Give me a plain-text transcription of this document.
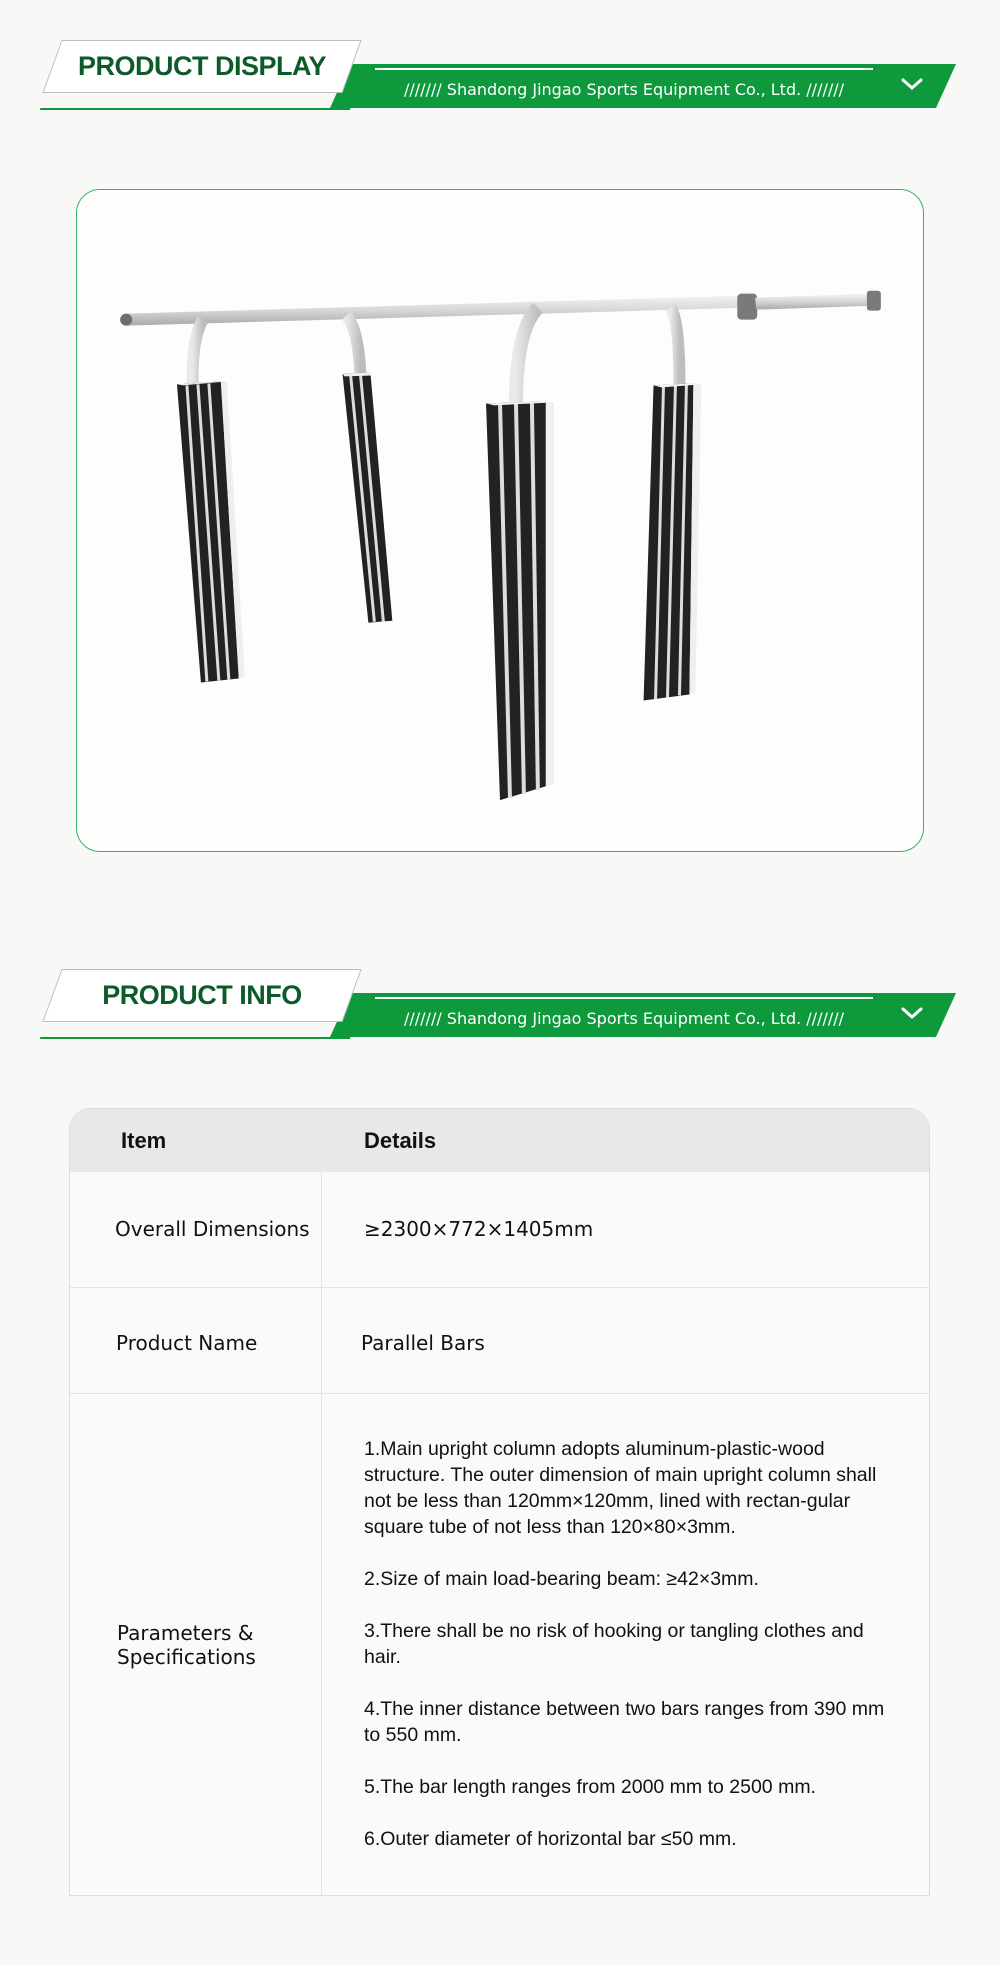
/////// Shandong Jingao Sports Equipment Co., Ltd. ///////
PRODUCT DISPLAY
/////// Shandong Jingao Sports Equipment Co., Ltd. ///////
PRODUCT INFO
Item	Details
Overall Dimensions	≥2300×772×1405mm
Product Name	Parallel Bars
Parameters & Specifications
1.Main upright column adopts aluminum-plastic-wood structure. The outer dimension of main upright column shall not be less than 120mm×120mm, lined with rectan-gular square tube of not less than 120×80×3mm.
2.Size of main load-bearing beam: ≥42×3mm.
3.There shall be no risk of hooking or tangling clothes and hair.
4.The inner distance between two bars ranges from 390 mm to 550 mm.
5.The bar length ranges from 2000 mm to 2500 mm.
6.Outer diameter of horizontal bar ≤50 mm.
